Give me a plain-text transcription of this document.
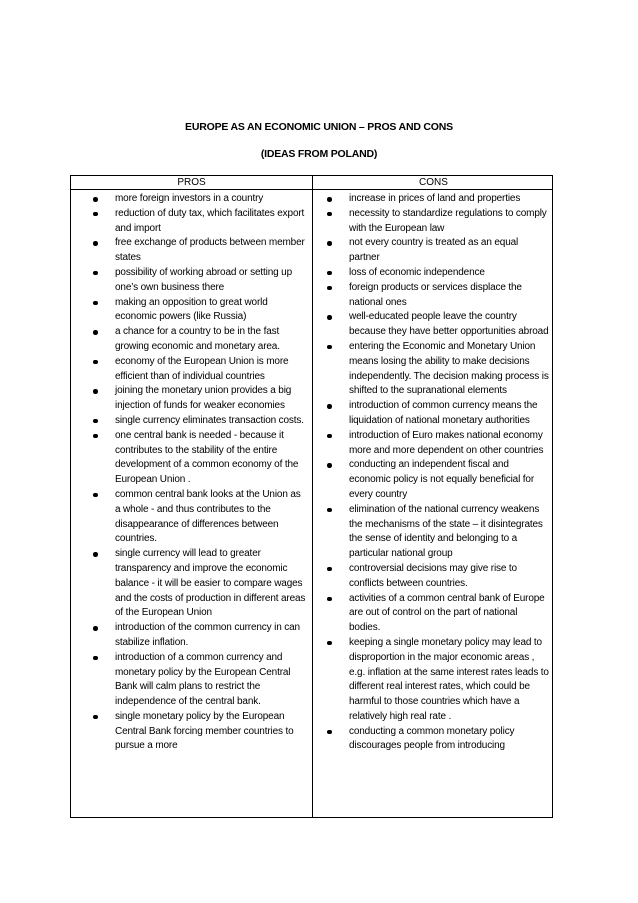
EUROPE AS AN ECONOMIC UNION – PROS AND CONS
(IDEAS FROM POLAND)
PROS	CONS
more foreign investors in a country
reduction of duty tax, which facilitates export and import
free exchange of products between member states
possibility of working abroad or setting up one’s own business there
making an opposition to great world economic powers (like Russia)
a chance for a country to be in the fast growing economic and monetary area.
economy of the European Union is more efficient than of individual countries
joining the monetary union provides a big injection of funds for weaker economies
single currency eliminates transaction costs.
one central bank is needed - because it contributes to the stability of the entire development of a common economy of the European Union .
common central bank looks at the Union as a whole - and thus contributes to the disappearance of differences between countries.
single currency will lead to greater transparency and improve the economic balance - it will be easier to compare wages and the costs of production in different areas of the European Union
introduction of the common currency in can stabilize inflation.
introduction of a common currency and monetary policy by the European Central Bank will calm plans to restrict the independence of the central bank.
single monetary policy by the European Central Bank forcing member countries to pursue a more
increase in prices of land and properties
necessity to standardize regulations to comply with the European law
not every country is treated as an equal partner
loss of economic independence
foreign products or services displace the national ones
well-educated people leave the country because they have better opportunities abroad
entering the Economic and Monetary Union means losing the ability to make decisions independently. The decision making process is shifted to the supranational elements
introduction of common currency means the liquidation of national monetary authorities
introduction of Euro makes national economy more and more dependent on other countries
conducting an independent fiscal and economic policy is not equally beneficial for every country
elimination of the national currency weakens the mechanisms of the state – it disintegrates the sense of identity and belonging to a particular national group
controversial decisions may give rise to conflicts between countries.
activities of a common central bank of Europe are out of control on the part of national bodies.
keeping a single monetary policy may lead to disproportion in the major economic areas , e.g. inflation at the same interest rates leads to different real interest rates, which could be harmful to those countries which have a relatively high real rate .
conducting a common monetary policy discourages people from introducing
